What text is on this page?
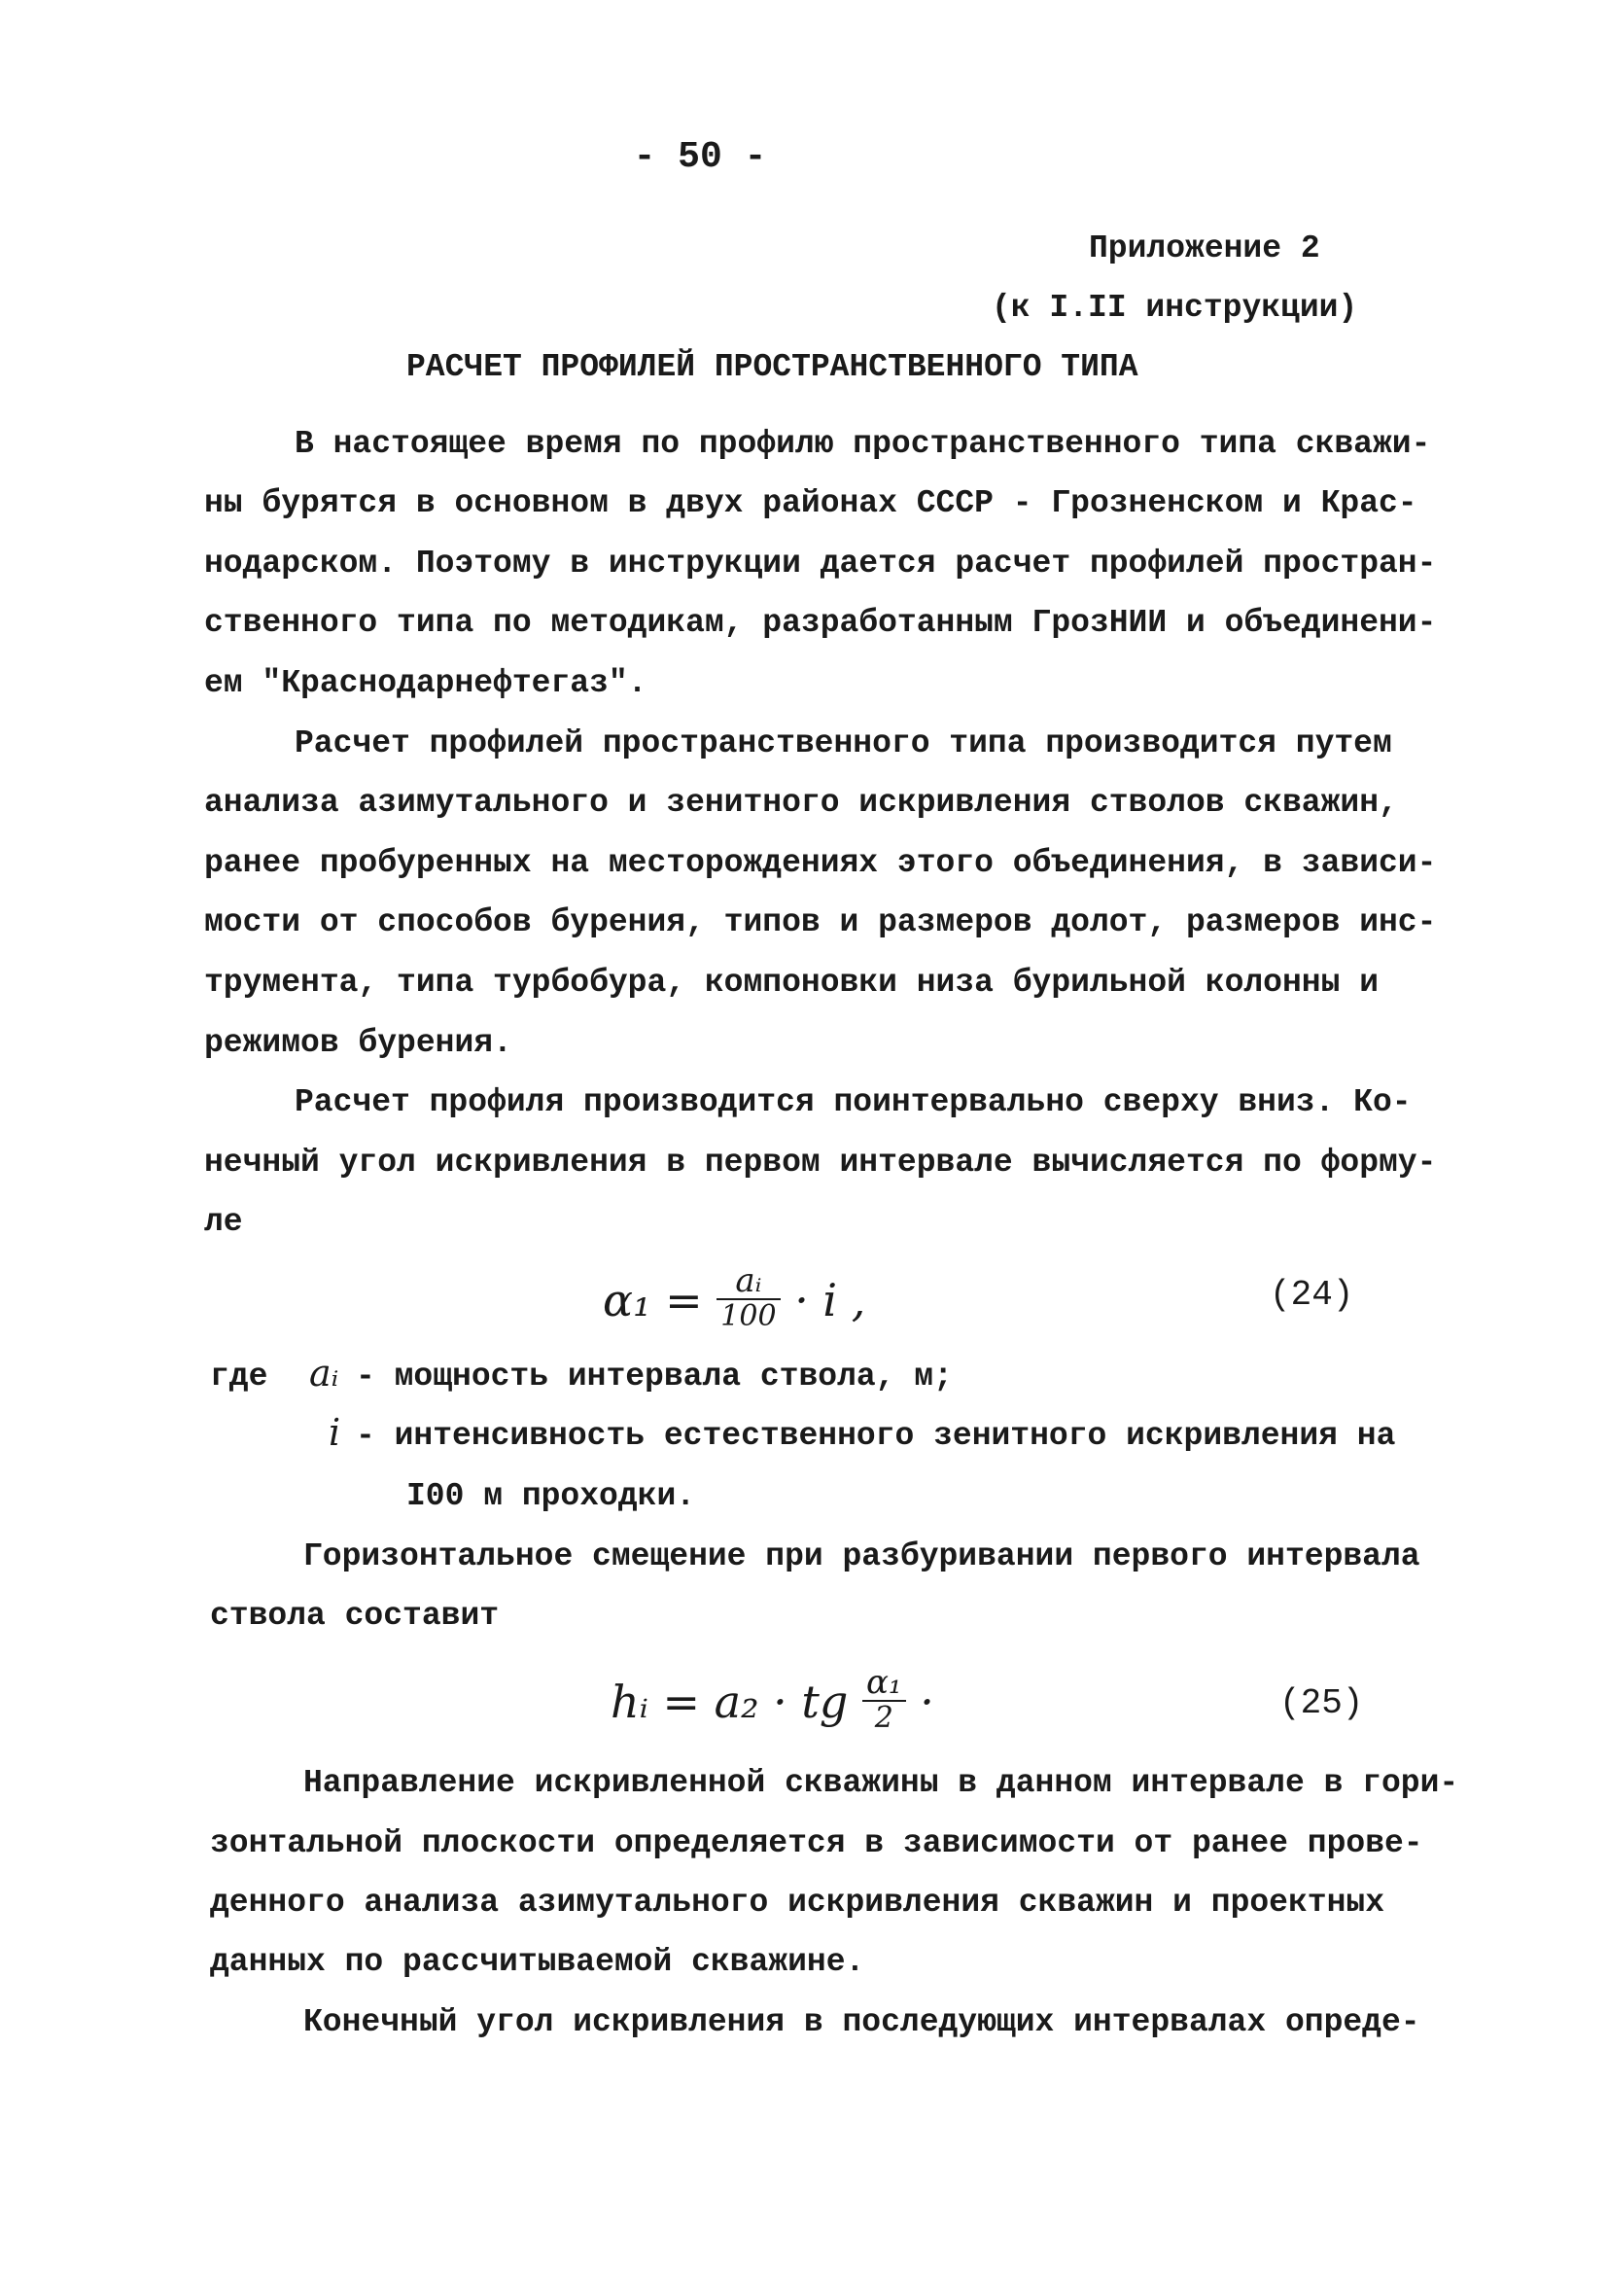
- 50 -
Приложение 2
(к I.II инструкции)
РАСЧЕТ ПРОФИЛЕЙ ПРОСТРАНСТВЕННОГО ТИПА
В настоящее время по профилю пространственного типа скважи-
ны бурятся в основном в двух районах СССР - Грозненском и Крас-
нодарском. Поэтому в инструкции дается расчет профилей простран-
ственного типа по методикам, разработанным ГрозНИИ и объединени-
ем "Краснодарнефтегаз".
Расчет профилей пространственного типа производится путем
анализа азимутального и зенитного искривления стволов скважин,
ранее пробуренных на месторождениях этого объединения, в зависи-
мости от способов бурения, типов и размеров долот, размеров инс-
трумента, типа турбобура, компоновки низа бурильной колонны и
режимов бурения.
Расчет профиля производится поинтервально сверху вниз. Ко-
нечный угол искривления в первом интервале вычисляется по форму-
ле
$\alpha_1 = \frac{\text{aᵢ}}{100} \cdot i$ ,	(24)
где aᵢ - мощность интервала ствола, м;
i - интенсивность естественного зенитного искривления на
I00 м проходки.
Горизонтальное смещение при разбуривании первого интервала
ствола составит
hᵢ = a₂ · tg $\frac{\text{α₁}}{2}$ ·	(25)
Направление искривленной скважины в данном интервале в гори-
зонтальной плоскости определяется в зависимости от ранее прове-
денного анализа азимутального искривления скважин и проектных
данных по рассчитываемой скважине.
Конечный угол искривления в последующих интервалах опреде-
